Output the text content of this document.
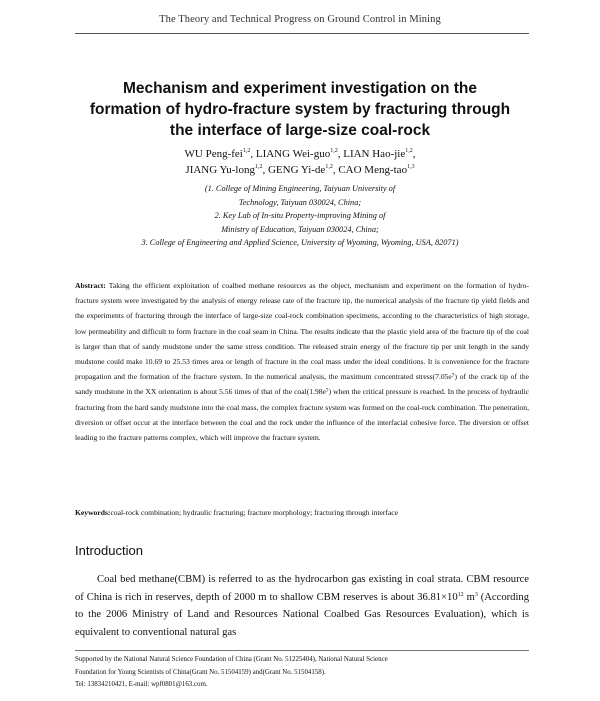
The Theory and Technical Progress on Ground Control in Mining
Mechanism and experiment investigation on the
formation of hydro-fracture system by fracturing through
the interface of large-size coal-rock
WU Peng-fei$^{1,2}$, LIANG Wei-guo$^{1,2}$, LIAN Hao-jie$^{1,2}$,
JIANG Yu-long$^{1,2}$, GENG Yi-de$^{1,2}$, CAO Meng-tao$^{1,3}$
(1. College of Mining Engineering, Taiyuan University of
Technology, Taiyuan 030024, China;
2. Key Lab of In-situ Property-improving Mining of
Ministry of Education, Taiyuan 030024, China;
3. College of Engineering and Applied Science, University of Wyoming, Wyoming, USA, 82071)

Abstract: Taking the efficient exploitation of coalbed methane resources as the object, mechanism and experiment on the formation of hydro-fracture system were investigated by the analysis of energy release rate of the fracture tip, the numerical analysis of the fracture tip yield fields and the experiments of fracturing through the interface of large-size coal-rock combination specimens, according to the characteristics of high storage, low permeability and difficult to form fracture in the coal seam in China. The results indicate that the plastic yield area of the fracture tip of the coal is larger than that of sandy mudstone under the same stress condition. The released strain energy of the fracture tip per unit length in the sandy mudstone could make 10.69 to 25.53 times area or length of fracture in the coal mass under the ideal conditions. It is convenience for the fracture propagation and the formation of the fracture system. In the numerical analysis, the maximum concentrated stress(7.05e⁷) of the crack tip of the sandy mudstone in the XX orientation is about 5.56 times of that of the coal(1.98e⁷) when the critical pressure is reached. In the process of hydraulic fracturing from the hard sandy mudstone into the coal mass, the complex fracture system was formed on the coal-rock combination. The penetration, diversion or offset occur at the interface between the coal and the rock under the influence of the interfacial cohesive force. The diversion or offset leading to the fracture patterns complex, which will improve the fracture system.

Keywords:coal-rock combination; hydraulic fracturing; fracture morphology; fracturing through interface
Introduction

Coal bed methane(CBM) is referred to as the hydrocarbon gas existing in coal strata. CBM resource of China is rich in reserves, depth of 2000 m to shallow CBM reserves is about $36.81\times 10^{12}$ $m^3$ (According to the 2006 Ministry of Land and Resources National Coalbed Gas Resources Evaluation), which is equivalent to conventional natural gas

Supported by the National Natural Science Foundation of China (Grant No. 51225404), National Natural Science
Foundation for Young Scientists of China(Grant No. 51504159) and(Grant No. 51504158).
Tel: 13834210421, E-mail: wpf0801@163.com.
